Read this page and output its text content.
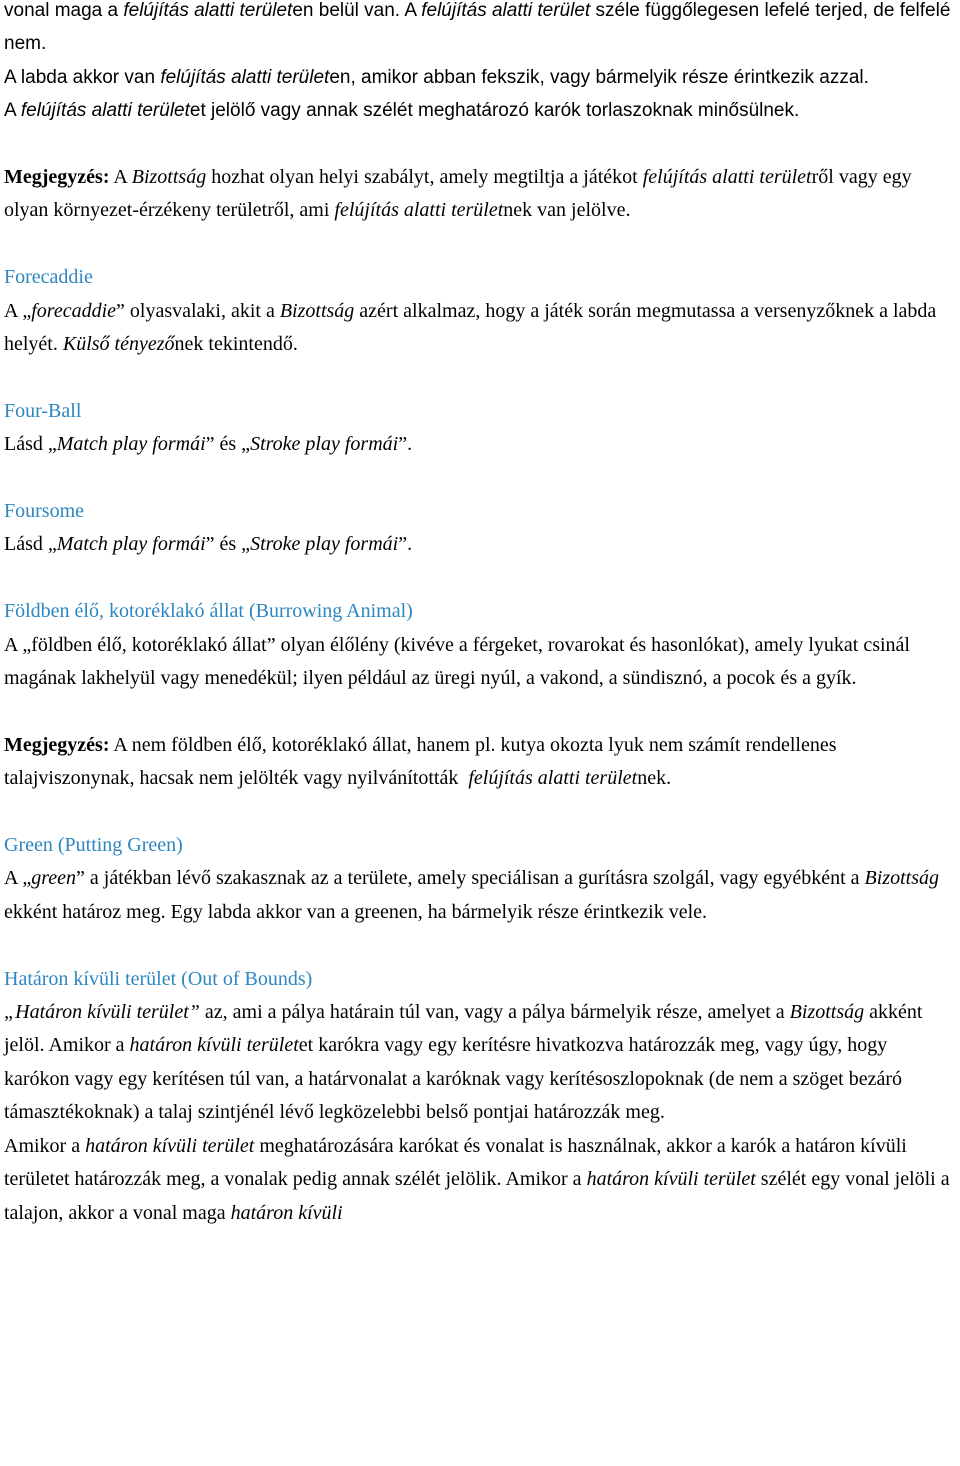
vonal maga a felújítás alatti területen belül van. A felújítás alatti terület széle függőlegesen lefelé terjed, de felfelé nem.

A labda akkor van felújítás alatti területen, amikor abban fekszik, vagy bármelyik része érintkezik azzal.

A felújítás alatti területet jelölő vagy annak szélét meghatározó karók torlaszoknak minősülnek.

Megjegyzés: A Bizottság hozhat olyan helyi szabályt, amely megtiltja a játékot felújítás alatti területről vagy egy olyan környezet-érzékeny területről, ami felújítás alatti területnek van jelölve.

Forecaddie

A „forecaddie” olyasvalaki, akit a Bizottság azért alkalmaz, hogy a játék során megmutassa a versenyzőknek a labda helyét. Külső tényezőnek tekintendő.

Four-Ball

Lásd „Match play formái” és „Stroke play formái”.

Foursome

Lásd „Match play formái” és „Stroke play formái”.

Földben élő, kotoréklakó állat (Burrowing Animal)

A „földben élő, kotoréklakó állat” olyan élőlény (kivéve a férgeket, rovarokat és hasonlókat), amely lyukat csinál magának lakhelyül vagy menedékül; ilyen például az üregi nyúl, a vakond, a sündisznó, a pocok és a gyík.

Megjegyzés: A nem földben élő, kotoréklakó állat, hanem pl. kutya okozta lyuk nem számít rendellenes talajviszonynak, hacsak nem jelölték vagy nyilvánították  felújítás alatti területnek.

Green (Putting Green)

A „green” a játékban lévő szakasznak az a területe, amely speciálisan a gurításra szolgál, vagy egyébként a Bizottság ekként határoz meg. Egy labda akkor van a greenen, ha bármelyik része érintkezik vele.

Határon kívüli terület (Out of Bounds)

„Határon kívüli terület” az, ami a pálya határain túl van, vagy a pálya bármelyik része, amelyet a Bizottság akként jelöl. Amikor a határon kívüli területet karókra vagy egy kerítésre hivatkozva határozzák meg, vagy úgy, hogy karókon vagy egy kerítésen túl van, a határvonalat a karóknak vagy kerítésoszlopoknak (de nem a szöget bezáró támasztékoknak) a talaj szintjénél lévő legközelebbi belső pontjai határozzák meg.

Amikor a határon kívüli terület meghatározására karókat és vonalat is használnak, akkor a karók a határon kívüli területet határozzák meg, a vonalak pedig annak szélét jelölik. Amikor a határon kívüli terület szélét egy vonal jelöli a talajon, akkor a vonal maga határon kívüli
